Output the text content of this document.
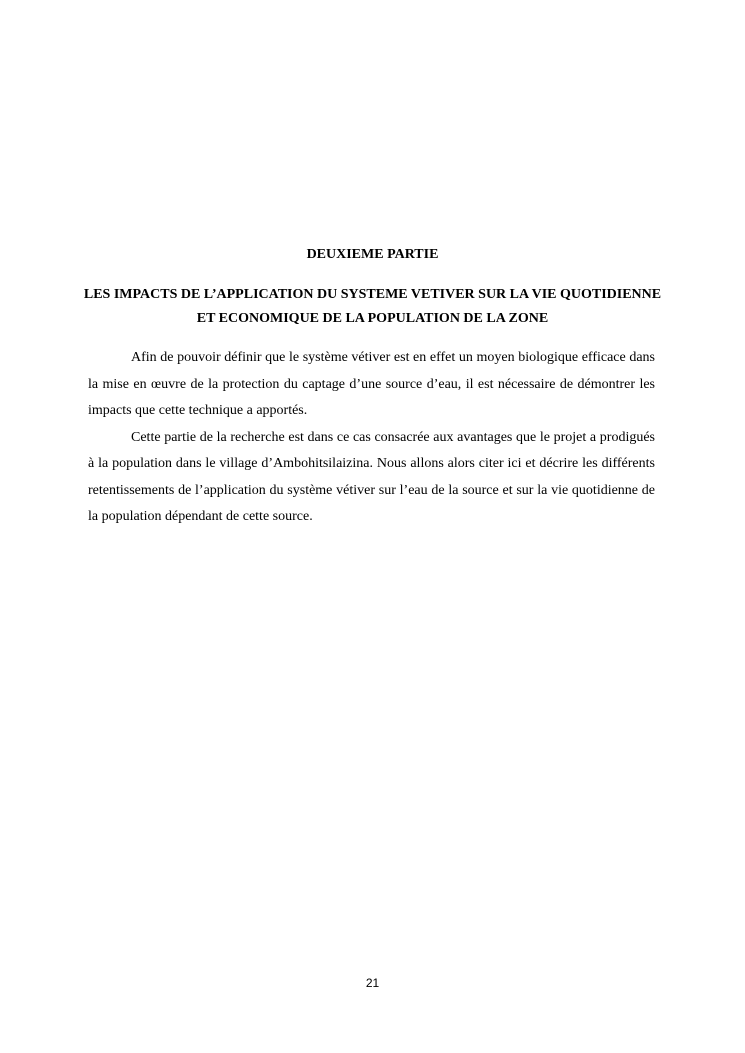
DEUXIEME PARTIE
LES IMPACTS DE L’APPLICATION DU SYSTEME VETIVER SUR LA VIE QUOTIDIENNE ET ECONOMIQUE DE LA POPULATION DE LA ZONE

Afin de pouvoir définir que le système vétiver est en effet un moyen biologique efficace dans la mise en œuvre de la protection du captage d’une source d’eau, il est nécessaire de démontrer les impacts que cette technique a apportés.

Cette partie de la recherche est dans ce cas consacrée aux avantages que le projet a prodigués à la population dans le village d’Ambohitsilaizina. Nous allons alors citer ici et décrire les différents retentissements de l’application du système vétiver sur l’eau de la source et sur la vie quotidienne de la population dépendant de cette source.

21
